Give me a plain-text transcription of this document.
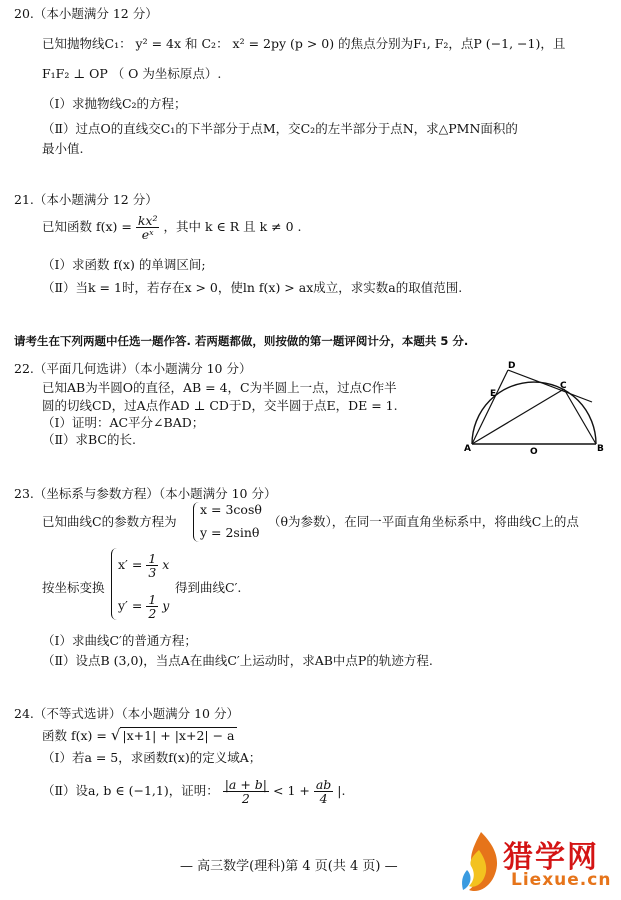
20.（本小题满分 12 分）
已知抛物线C₁： y² = 4x 和 C₂： x² = 2py (p > 0) 的焦点分别为F₁, F₂，点P (−1, −1)，且
F₁F₂ ⊥ OP （ O 为坐标原点）.
（Ⅰ）求抛物线C₂的方程；
（Ⅱ）过点O的直线交C₁的下半部分于点M，交C₂的左半部分于点N，求△PMN面积的
最小值.
21.（本小题满分 12 分）
已知函数 $f(x) = \frac{\text{kx²}}{\text{eˣ}}$ ，其中 k ∈ R 且 k ≠ 0 .
（Ⅰ）求函数 f(x) 的单调区间;
（Ⅱ）当k = 1时，若存在x > 0，使ln f(x) > ax成立，求实数a的取值范围.
请考生在下列两题中任选一题作答. 若两题都做，则按做的第一题评阅计分，本题共 5 分.
22.（平面几何选讲）（本小题满分 10 分）
已知AB为半圆O的直径，AB = 4，C为半圆上一点，过点C作半
圆的切线CD，过A点作AD ⊥ CD于D，交半圆于点E，DE = 1.
（Ⅰ）证明：AC平分∠BAD；
（Ⅱ）求BC的长.
D
E
C
A	B
O
23.（坐标系与参数方程）（本小题满分 10 分）
已知曲线C的参数方程为
x = 3cosθ
y = 2sinθ
（θ为参数），在同一平面直角坐标系中，将曲线C上的点
按坐标变换
$x' = \frac{1}{3}$ x
$y' = \frac{1}{2}$ y
得到曲线C′.
（Ⅰ）求曲线C′的普通方程；
（Ⅱ）设点B (3,0)，当点A在曲线C′上运动时，求AB中点P的轨迹方程.
24.（不等式选讲）（本小题满分 10 分）
函数 f(x) = √ |x+1| + |x+2| − a
（Ⅰ）若a = 5，求函数f(x)的定义域A；
（Ⅱ）设a, b ∈ (−1,1)，证明： $\frac{|a + b|}{2} < 1 + \frac{ab}{4}$ |.
— 高三数学(理科)第 4 页(共 4 页) —	猎学网
Liexue.cn
